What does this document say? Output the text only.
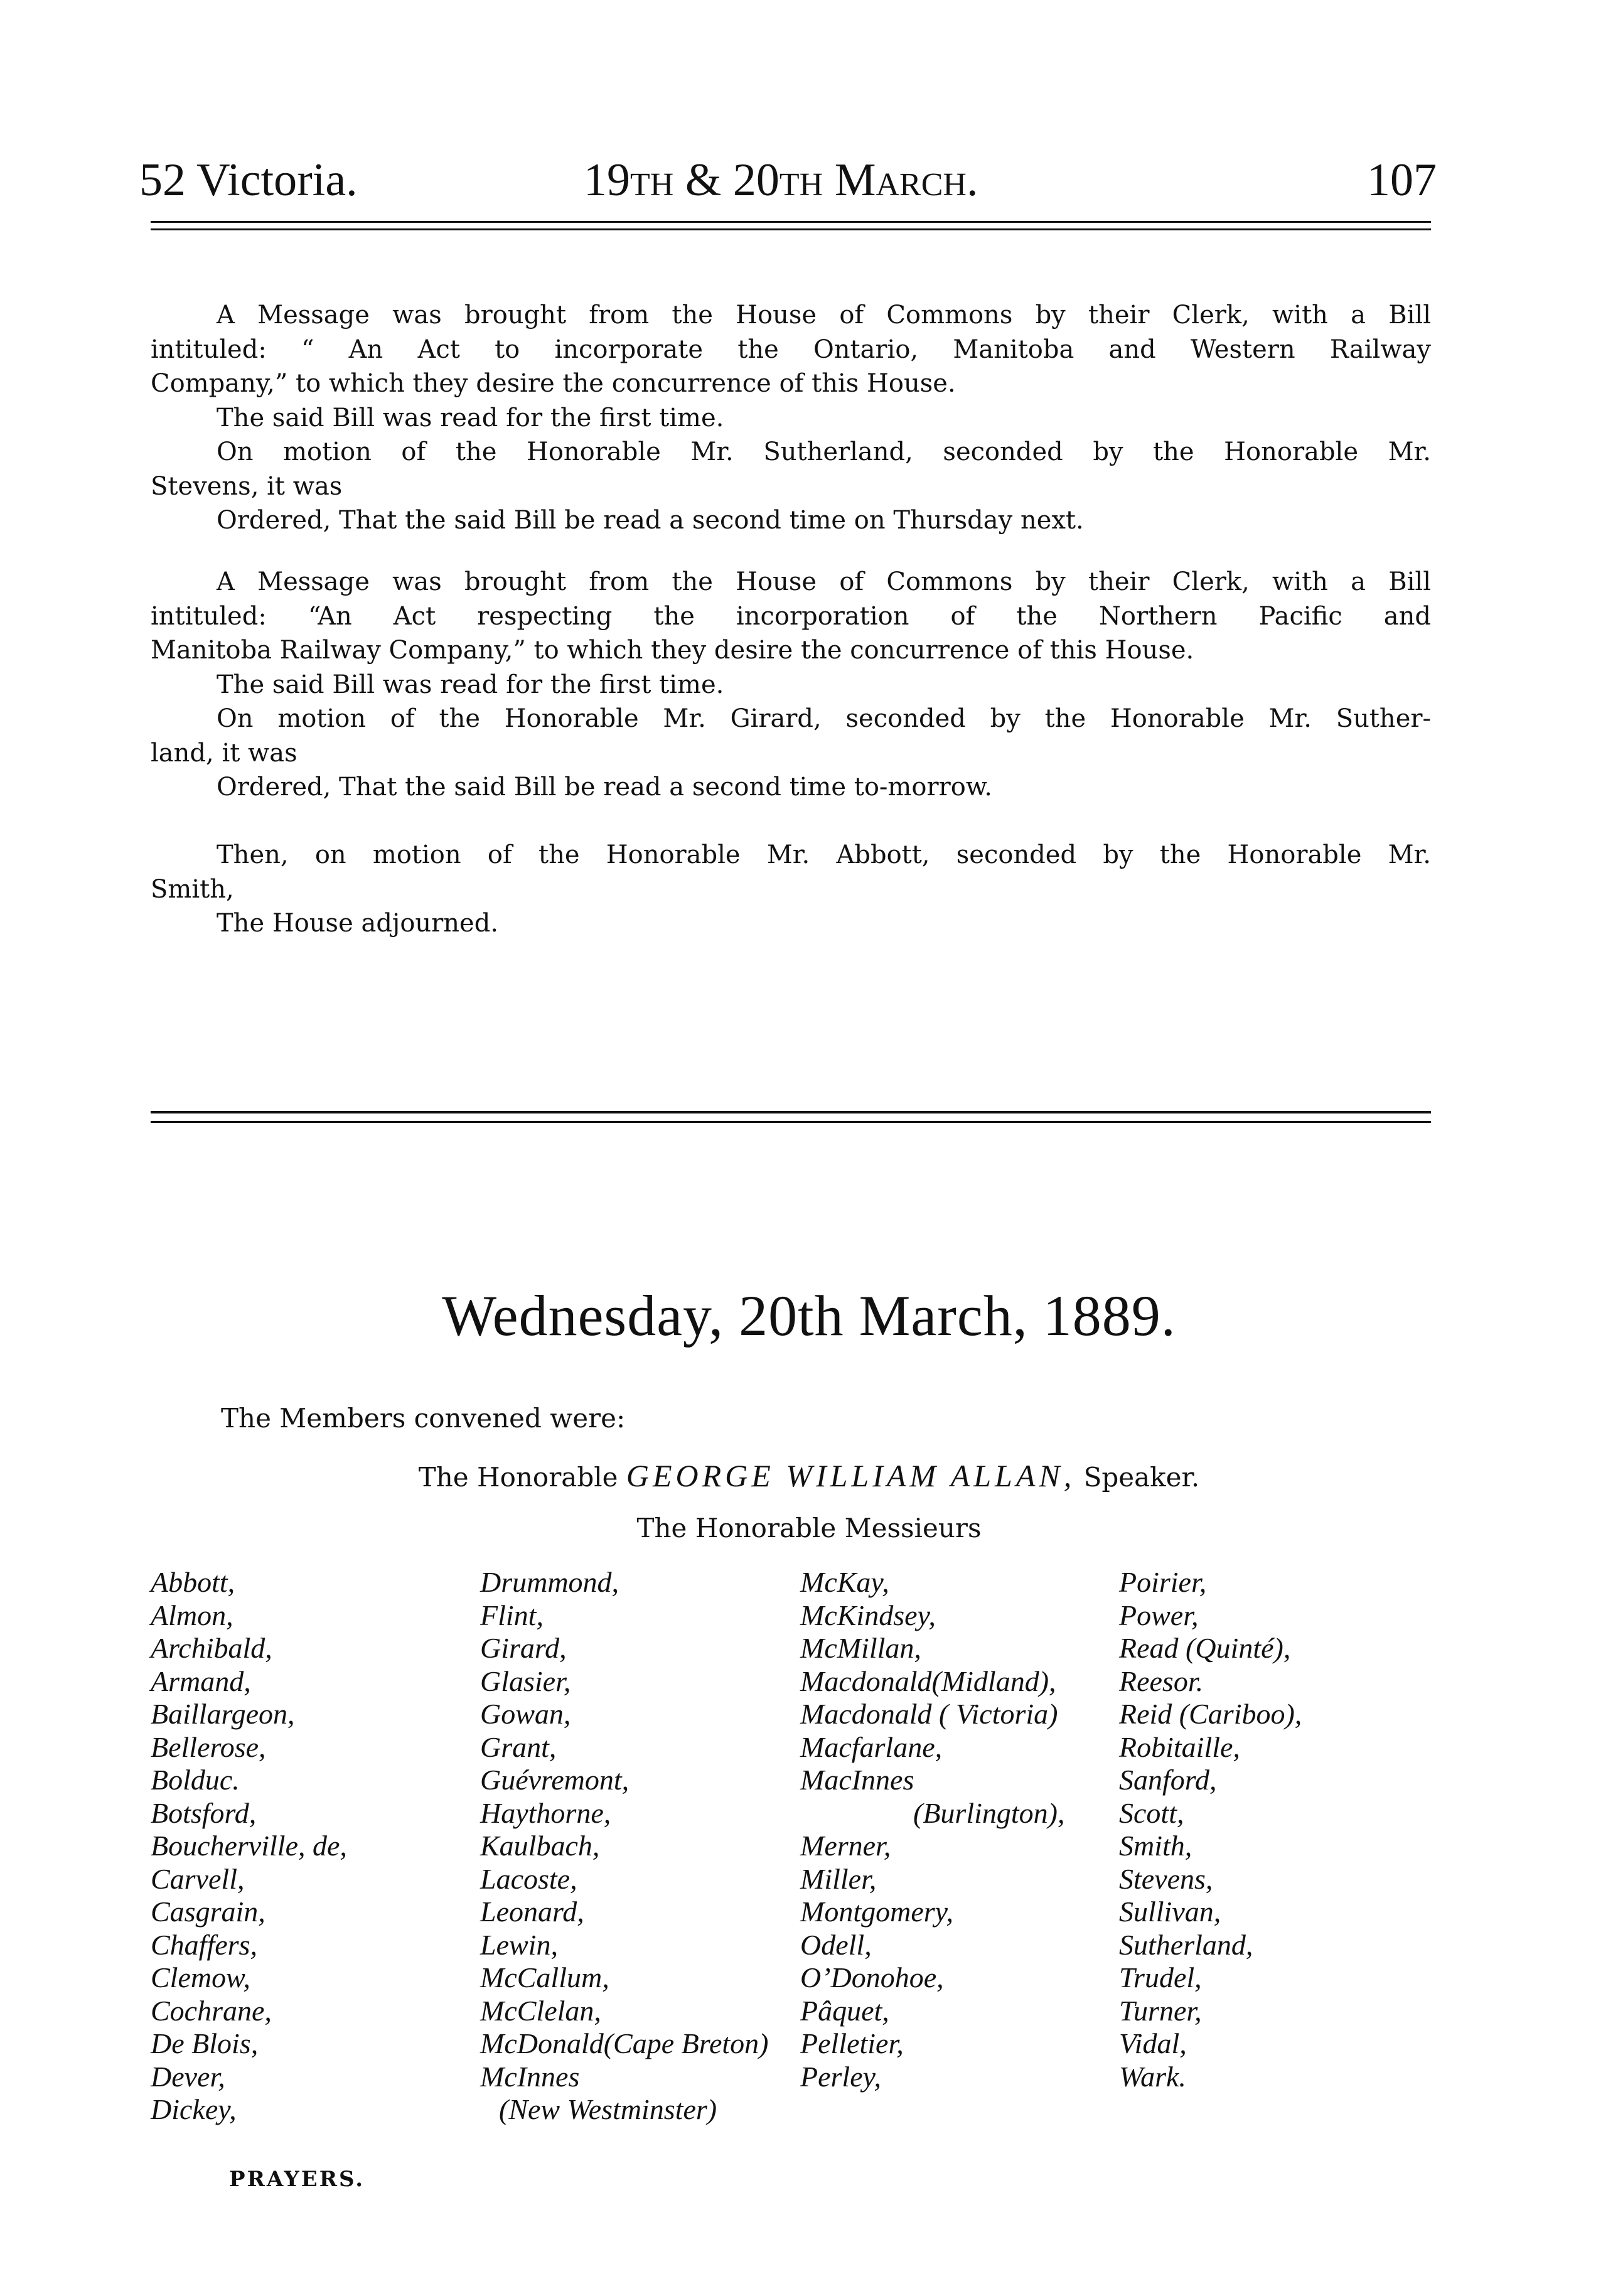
52 Victoria.	19th & 20th March.	107
A Message was brought from the House of Commons by their Clerk, with a Bill
intituled: “ An Act to incorporate the Ontario, Manitoba and Western Railway
Company,” to which they desire the concurrence of this House.
The said Bill was read for the first time.
On motion of the Honorable Mr. Sutherland, seconded by the Honorable Mr.
Stevens, it was
Ordered, That the said Bill be read a second time on Thursday next.
A Message was brought from the House of Commons by their Clerk, with a Bill
intituled: “An Act respecting the incorporation of the Northern Pacific and
Manitoba Railway Company,” to which they desire the concurrence of this House.
The said Bill was read for the first time.
On motion of the Honorable Mr. Girard, seconded by the Honorable Mr. Suther-
land, it was
Ordered, That the said Bill be read a second time to-morrow.
Then, on motion of the Honorable Mr. Abbott, seconded by the Honorable Mr.
Smith,
The House adjourned.
Wednesday, 20th March, 1889.
The Members convened were:
The Honorable GEORGE WILLIAM ALLAN, Speaker.
The Honorable Messieurs
Abbott,
Almon,
Archibald,
Armand,
Baillargeon,
Bellerose,
Bolduc.
Botsford,
Boucherville, de,
Carvell,
Casgrain,
Chaffers,
Clemow,
Cochrane,
De Blois,
Dever,
Dickey,
Drummond,
Flint,
Girard,
Glasier,
Gowan,
Grant,
Guévremont,
Haythorne,
Kaulbach,
Lacoste,
Leonard,
Lewin,
McCallum,
McClelan,
McDonald(Cape Breton)
McInnes
(New Westminster)
McKay,
McKindsey,
McMillan,
Macdonald(Midland),
Macdonald ( Victoria)
Macfarlane,
MacInnes
(Burlington),
Merner,
Miller,
Montgomery,
Odell,
O’Donohoe,
Pâquet,
Pelletier,
Perley,
Poirier,
Power,
Read (Quinté),
Reesor.
Reid (Cariboo),
Robitaille,
Sanford,
Scott,
Smith,
Stevens,
Sullivan,
Sutherland,
Trudel,
Turner,
Vidal,
Wark.
PRAYERS.
